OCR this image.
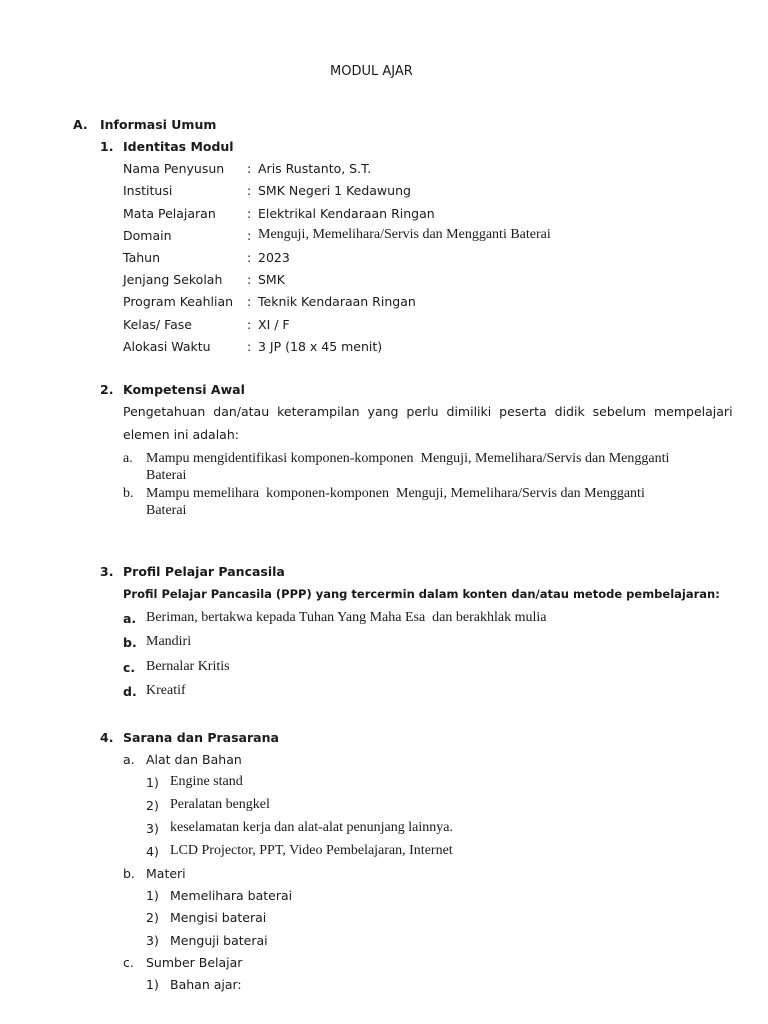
MODUL AJAR
A. Informasi Umum
1. Identitas Modul
Nama Penyusun : Aris Rustanto, S.T.
Institusi	: SMK Negeri 1 Kedawung
Mata Pelajaran	: Elektrikal Kendaraan Ringan
Domain	: Menguji, Memelihara/Servis dan Mengganti Baterai
Tahun	: 2023
Jenjang Sekolah : SMK
Program Keahlian : Teknik Kendaraan Ringan
Kelas/ Fase	: XI / F
Alokasi Waktu	: 3 JP (18 x 45 menit)
2. Kompetensi Awal
Pengetahuan  dan/atau  keterampilan  yang  perlu  dimiliki  peserta  didik  sebelum  mempelajari
elemen ini adalah:
a. Mampu mengidentifikasi komponen-komponen  Menguji, Memelihara/Servis dan Mengganti
Baterai
b. Mampu memelihara  komponen-komponen  Menguji, Memelihara/Servis dan Mengganti
Baterai
3. Profil Pelajar Pancasila
Profil Pelajar Pancasila (PPP) yang tercermin dalam konten dan/atau metode pembelajaran:
a. Beriman, bertakwa kepada Tuhan Yang Maha Esa  dan berakhlak mulia
b. Mandiri
c. Bernalar Kritis
d. Kreatif
4. Sarana dan Prasarana
a. Alat dan Bahan
1) Engine stand
2) Peralatan bengkel
3) keselamatan kerja dan alat-alat penunjang lainnya.
4) LCD Projector, PPT, Video Pembelajaran, Internet
b. Materi
1) Memelihara baterai
2) Mengisi baterai
3) Menguji baterai
c. Sumber Belajar
1) Bahan ajar:
